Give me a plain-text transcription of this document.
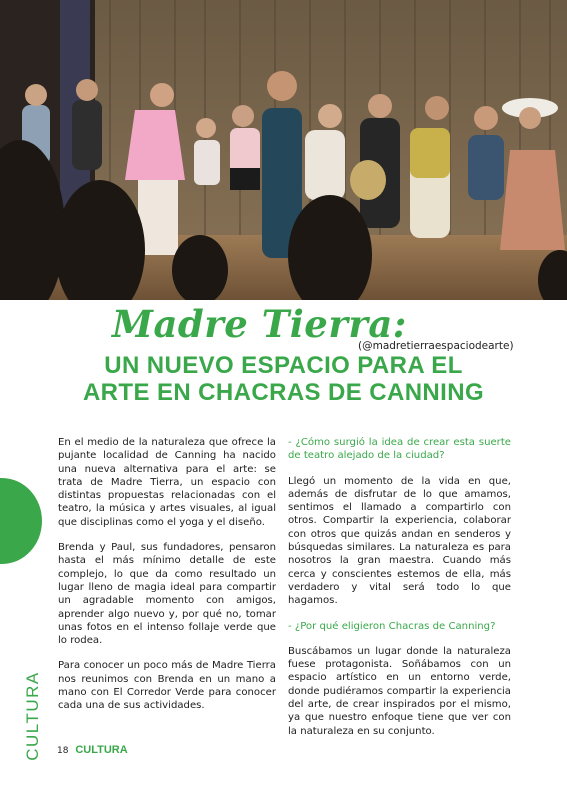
Madre Tierra:
(@madretierraespaciodearte)
UN NUEVO ESPACIO PARA EL
ARTE EN CHACRAS DE CANNING

En el medio de la naturaleza que ofrece la pujante localidad de Canning ha nacido una nueva alternativa para el arte: se trata de Madre Tierra, un espacio con distintas propuestas relacionadas con el teatro, la música y artes visuales, al igual que disciplinas como el yoga y el diseño.

Brenda y Paul, sus fundadores, pensaron hasta el más mínimo detalle de este complejo, lo que da como resultado un lugar lleno de magia ideal para compartir un agradable momento con amigos, aprender algo nuevo y, por qué no, tomar unas fotos en el intenso follaje verde que lo rodea.

Para conocer un poco más de Madre Tierra nos reunimos con Brenda en un mano a mano con El Corredor Verde para conocer cada una de sus actividades.

- ¿Cómo surgió la idea de crear esta suerte de teatro alejado de la ciudad?

Llegó un momento de la vida en que, además de disfrutar de lo que amamos, sentimos el llamado a compartirlo con otros. Compartir la experiencia, colaborar con otros que quizás andan en senderos y búsquedas similares. La naturaleza es para nosotros la gran maestra. Cuando más cerca y conscientes estemos de ella, más verdadero y vital será todo lo que hagamos.

- ¿Por qué eligieron Chacras de Canning?

Buscábamos un lugar donde la naturaleza fuese protagonista. Soñábamos con un espacio artístico en un entorno verde, donde pudiéramos compartir la experiencia del arte, de crear inspirados por el mismo, ya que nuestro enfoque tiene que ver con la naturaleza en su conjunto.

CULTURA 18 CULTURA
